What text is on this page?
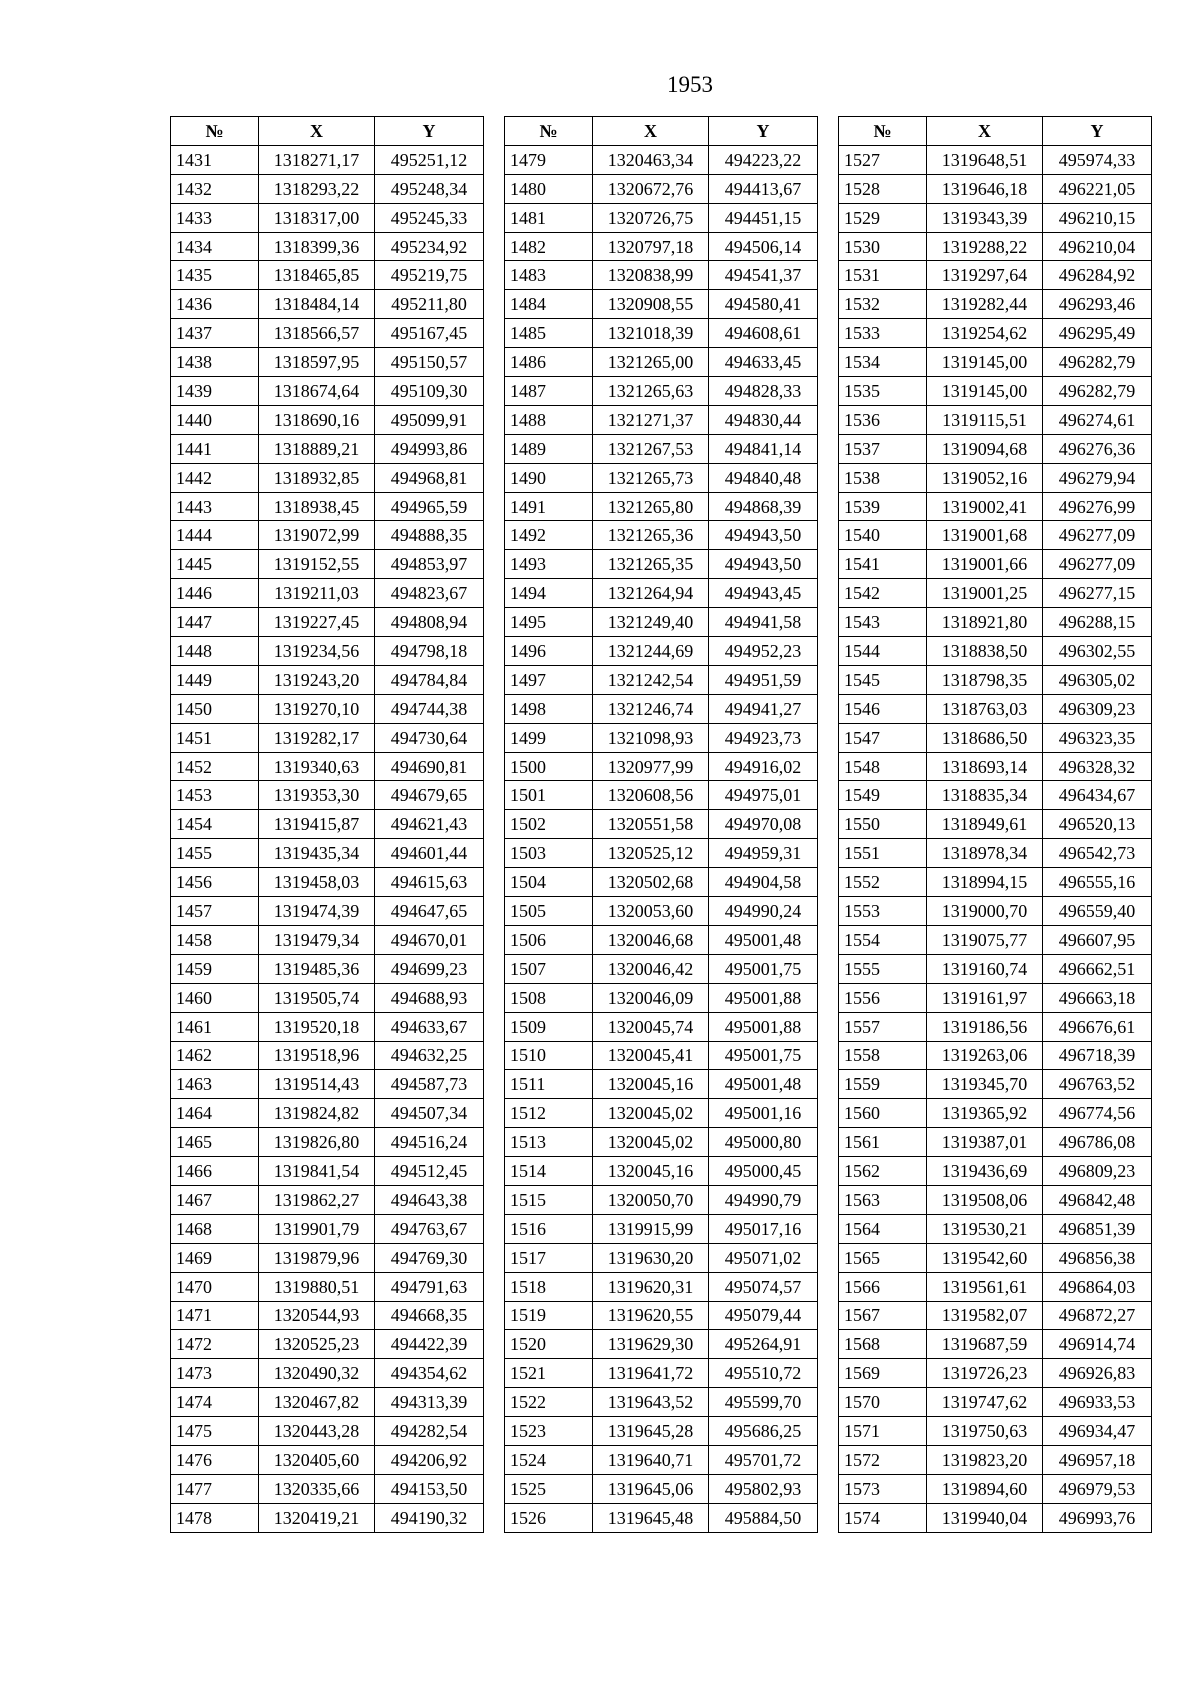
1953
№	X	Y
1431	1318271,17	495251,12
1432	1318293,22	495248,34
1433	1318317,00	495245,33
1434	1318399,36	495234,92
1435	1318465,85	495219,75
1436	1318484,14	495211,80
1437	1318566,57	495167,45
1438	1318597,95	495150,57
1439	1318674,64	495109,30
1440	1318690,16	495099,91
1441	1318889,21	494993,86
1442	1318932,85	494968,81
1443	1318938,45	494965,59
1444	1319072,99	494888,35
1445	1319152,55	494853,97
1446	1319211,03	494823,67
1447	1319227,45	494808,94
1448	1319234,56	494798,18
1449	1319243,20	494784,84
1450	1319270,10	494744,38
1451	1319282,17	494730,64
1452	1319340,63	494690,81
1453	1319353,30	494679,65
1454	1319415,87	494621,43
1455	1319435,34	494601,44
1456	1319458,03	494615,63
1457	1319474,39	494647,65
1458	1319479,34	494670,01
1459	1319485,36	494699,23
1460	1319505,74	494688,93
1461	1319520,18	494633,67
1462	1319518,96	494632,25
1463	1319514,43	494587,73
1464	1319824,82	494507,34
1465	1319826,80	494516,24
1466	1319841,54	494512,45
1467	1319862,27	494643,38
1468	1319901,79	494763,67
1469	1319879,96	494769,30
1470	1319880,51	494791,63
1471	1320544,93	494668,35
1472	1320525,23	494422,39
1473	1320490,32	494354,62
1474	1320467,82	494313,39
1475	1320443,28	494282,54
1476	1320405,60	494206,92
1477	1320335,66	494153,50
1478	1320419,21	494190,32
№	X	Y
1479	1320463,34	494223,22
1480	1320672,76	494413,67
1481	1320726,75	494451,15
1482	1320797,18	494506,14
1483	1320838,99	494541,37
1484	1320908,55	494580,41
1485	1321018,39	494608,61
1486	1321265,00	494633,45
1487	1321265,63	494828,33
1488	1321271,37	494830,44
1489	1321267,53	494841,14
1490	1321265,73	494840,48
1491	1321265,80	494868,39
1492	1321265,36	494943,50
1493	1321265,35	494943,50
1494	1321264,94	494943,45
1495	1321249,40	494941,58
1496	1321244,69	494952,23
1497	1321242,54	494951,59
1498	1321246,74	494941,27
1499	1321098,93	494923,73
1500	1320977,99	494916,02
1501	1320608,56	494975,01
1502	1320551,58	494970,08
1503	1320525,12	494959,31
1504	1320502,68	494904,58
1505	1320053,60	494990,24
1506	1320046,68	495001,48
1507	1320046,42	495001,75
1508	1320046,09	495001,88
1509	1320045,74	495001,88
1510	1320045,41	495001,75
1511	1320045,16	495001,48
1512	1320045,02	495001,16
1513	1320045,02	495000,80
1514	1320045,16	495000,45
1515	1320050,70	494990,79
1516	1319915,99	495017,16
1517	1319630,20	495071,02
1518	1319620,31	495074,57
1519	1319620,55	495079,44
1520	1319629,30	495264,91
1521	1319641,72	495510,72
1522	1319643,52	495599,70
1523	1319645,28	495686,25
1524	1319640,71	495701,72
1525	1319645,06	495802,93
1526	1319645,48	495884,50
№	X	Y
1527	1319648,51	495974,33
1528	1319646,18	496221,05
1529	1319343,39	496210,15
1530	1319288,22	496210,04
1531	1319297,64	496284,92
1532	1319282,44	496293,46
1533	1319254,62	496295,49
1534	1319145,00	496282,79
1535	1319145,00	496282,79
1536	1319115,51	496274,61
1537	1319094,68	496276,36
1538	1319052,16	496279,94
1539	1319002,41	496276,99
1540	1319001,68	496277,09
1541	1319001,66	496277,09
1542	1319001,25	496277,15
1543	1318921,80	496288,15
1544	1318838,50	496302,55
1545	1318798,35	496305,02
1546	1318763,03	496309,23
1547	1318686,50	496323,35
1548	1318693,14	496328,32
1549	1318835,34	496434,67
1550	1318949,61	496520,13
1551	1318978,34	496542,73
1552	1318994,15	496555,16
1553	1319000,70	496559,40
1554	1319075,77	496607,95
1555	1319160,74	496662,51
1556	1319161,97	496663,18
1557	1319186,56	496676,61
1558	1319263,06	496718,39
1559	1319345,70	496763,52
1560	1319365,92	496774,56
1561	1319387,01	496786,08
1562	1319436,69	496809,23
1563	1319508,06	496842,48
1564	1319530,21	496851,39
1565	1319542,60	496856,38
1566	1319561,61	496864,03
1567	1319582,07	496872,27
1568	1319687,59	496914,74
1569	1319726,23	496926,83
1570	1319747,62	496933,53
1571	1319750,63	496934,47
1572	1319823,20	496957,18
1573	1319894,60	496979,53
1574	1319940,04	496993,76
